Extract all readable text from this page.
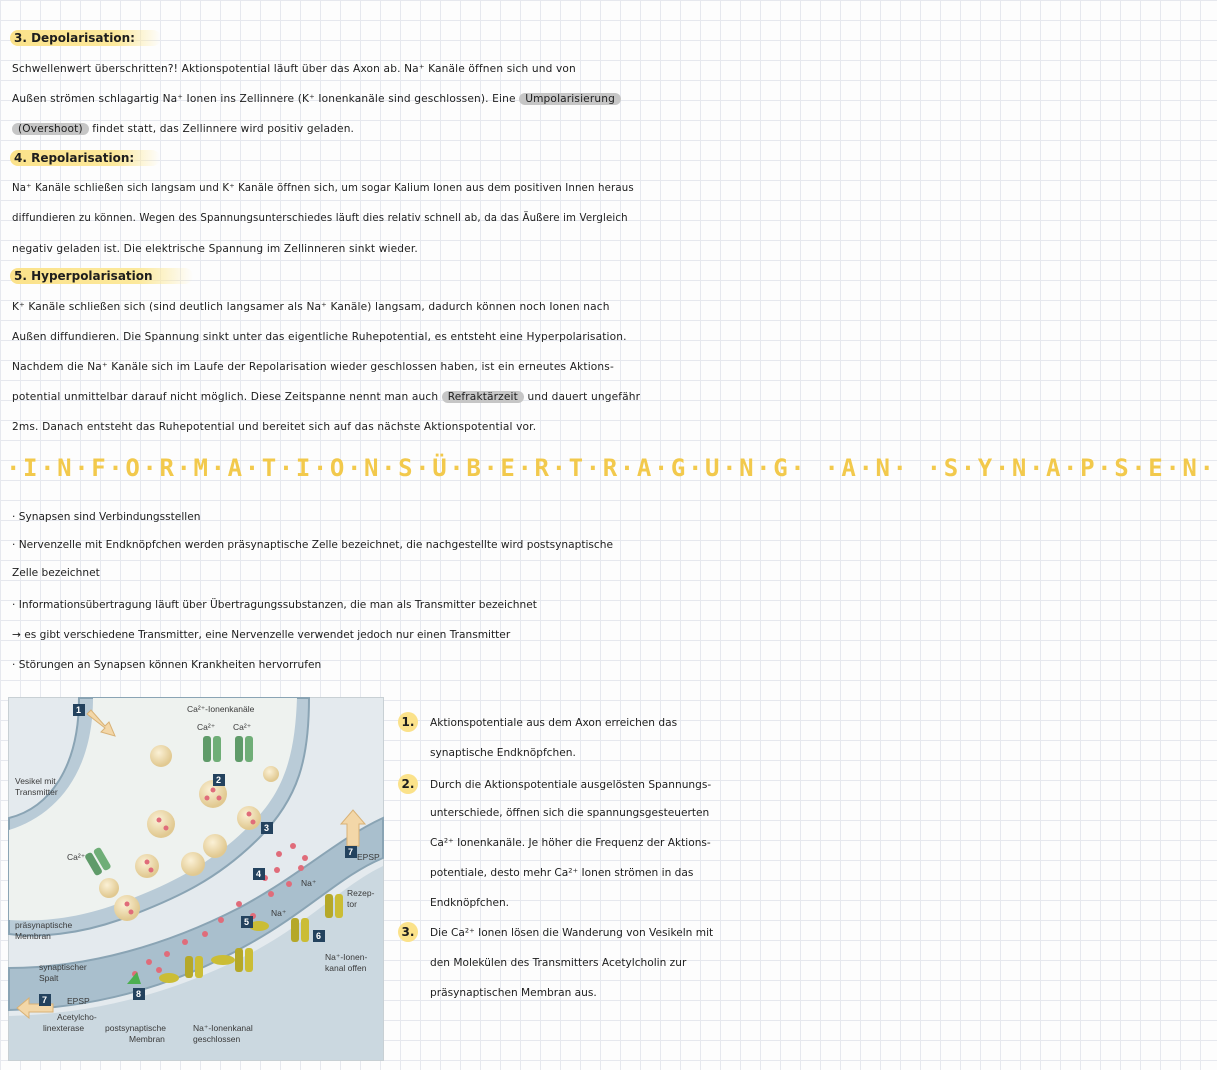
3. Depolarisation:
Schwellenwert überschritten?! Aktionspotential läuft über das Axon ab. Na⁺ Kanäle öffnen sich und von
Außen strömen schlagartig Na⁺ Ionen ins Zellinnere (K⁺ Ionenkanäle sind geschlossen). Eine Umpolarisierung
(Overshoot) findet statt, das Zellinnere wird positiv geladen.
4. Repolarisation:
Na⁺ Kanäle schließen sich langsam und K⁺ Kanäle öffnen sich, um sogar Kalium Ionen aus dem positiven Innen heraus
diffundieren zu können. Wegen des Spannungsunterschiedes läuft dies relativ schnell ab, da das Äußere im Vergleich
negativ geladen ist. Die elektrische Spannung im Zellinneren sinkt wieder.
5. Hyperpolarisation
K⁺ Kanäle schließen sich (sind deutlich langsamer als Na⁺ Kanäle) langsam, dadurch können noch Ionen nach
Außen diffundieren. Die Spannung sinkt unter das eigentliche Ruhepotential, es entsteht eine Hyperpolarisation.
Nachdem die Na⁺ Kanäle sich im Laufe der Repolarisation wieder geschlossen haben, ist ein erneutes Aktions-
potential unmittelbar darauf nicht möglich. Diese Zeitspanne nennt man auch Refraktärzeit und dauert ungefähr
2ms. Danach entsteht das Ruhepotential und bereitet sich auf das nächste Aktionspotential vor.
·I·N·F·O·R·M·A·T·I·O·N·S·Ü·B·E·R·T·R·A·G·U·N·G· ·A·N· ·S·Y·N·A·P·S·E·N·
· Synapsen sind Verbindungsstellen
· Nervenzelle mit Endknöpfchen werden präsynaptische Zelle bezeichnet, die nachgestellte wird postsynaptische
Zelle bezeichnet
· Informationsübertragung läuft über Übertragungssubstanzen, die man als Transmitter bezeichnet
→ es gibt verschiedene Transmitter, eine Nervenzelle verwendet jedoch nur einen Transmitter
· Störungen an Synapsen können Krankheiten hervorrufen
Ca²⁺-Ionenkanäle
Ca²⁺ Ca²⁺
Ca²⁺
Vesikel mit
Transmitter
präsynaptische
Membran
synaptischer
Spalt
EPSP
EPSP
Rezep-
tor
Na⁺
Na⁺
Na⁺-Ionen-
kanal offen
Acetylcho-
linexterase postsynaptische
Membran
Na⁺-Ionenkanal
geschlossen
1
2
3
4
5
6
7
7
8
1.	Aktionspotentiale aus dem Axon erreichen das
synaptische Endknöpfchen.
2.	Durch die Aktionspotentiale ausgelösten Spannungs-
unterschiede, öffnen sich die spannungsgesteuerten
Ca²⁺ Ionenkanäle. Je höher die Frequenz der Aktions-
potentiale, desto mehr Ca²⁺ Ionen strömen in das
Endknöpfchen.
3.	Die Ca²⁺ Ionen lösen die Wanderung von Vesikeln mit
den Molekülen des Transmitters Acetylcholin zur
präsynaptischen Membran aus.
